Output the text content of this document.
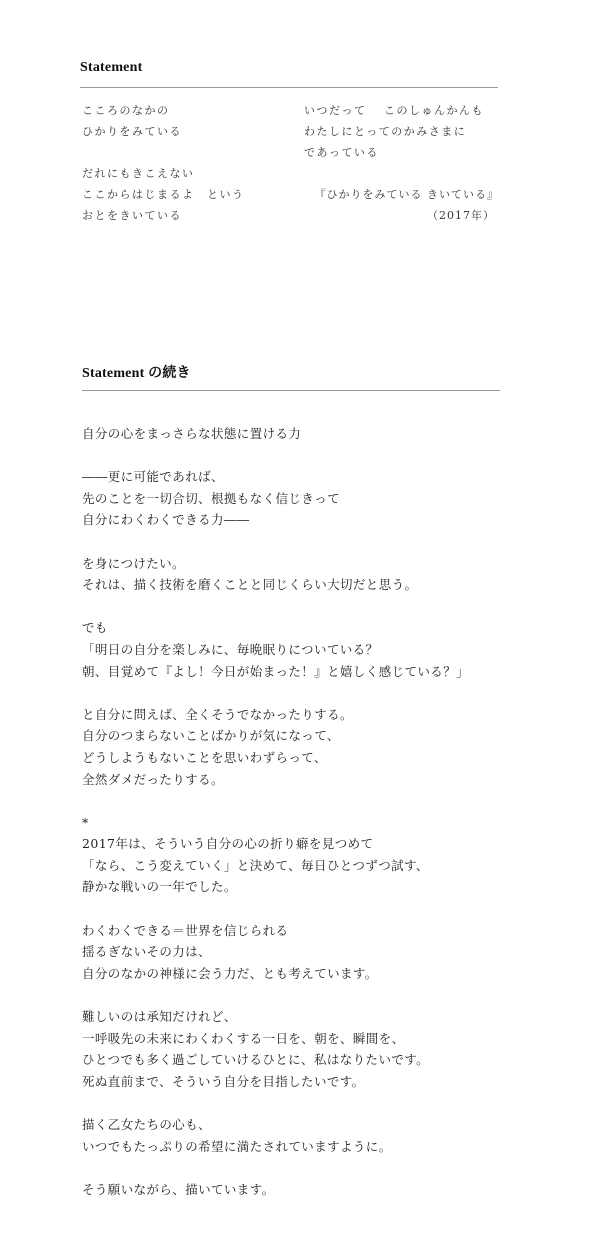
Statement
こころのなかの
ひかりをみている
だれにもきこえない
ここからはじまるよ　という
おとをきいている
いつだって　 このしゅんかんも
わたしにとってのかみさまに
であっている
『ひかりをみている きいている』
（2017年）
Statement の続き

自分の心をまっさらな状態に置ける力

――更に可能であれば、
先のことを一切合切、根拠もなく信じきって
自分にわくわくできる力――

を身につけたい。
それは、描く技術を磨くことと同じくらい大切だと思う。

でも
「明日の自分を楽しみに、毎晩眠りについている？
朝、目覚めて『よし！今日が始まった！』と嬉しく感じている？」

と自分に問えば、全くそうでなかったりする。
自分のつまらないことばかりが気になって、
どうしようもないことを思いわずらって、
全然ダメだったりする。

*
2017年は、そういう自分の心の折り癖を見つめて
「なら、こう変えていく」と決めて、毎日ひとつずつ試す、
静かな戦いの一年でした。

わくわくできる＝世界を信じられる
揺るぎないその力は、
自分のなかの神様に会う力だ、とも考えています。

難しいのは承知だけれど、
一呼吸先の未来にわくわくする一日を、朝を、瞬間を、
ひとつでも多く過ごしていけるひとに、私はなりたいです。
死ぬ直前まで、そういう自分を目指したいです。

描く乙女たちの心も、
いつでもたっぷりの希望に満たされていますように。

そう願いながら、描いています。
